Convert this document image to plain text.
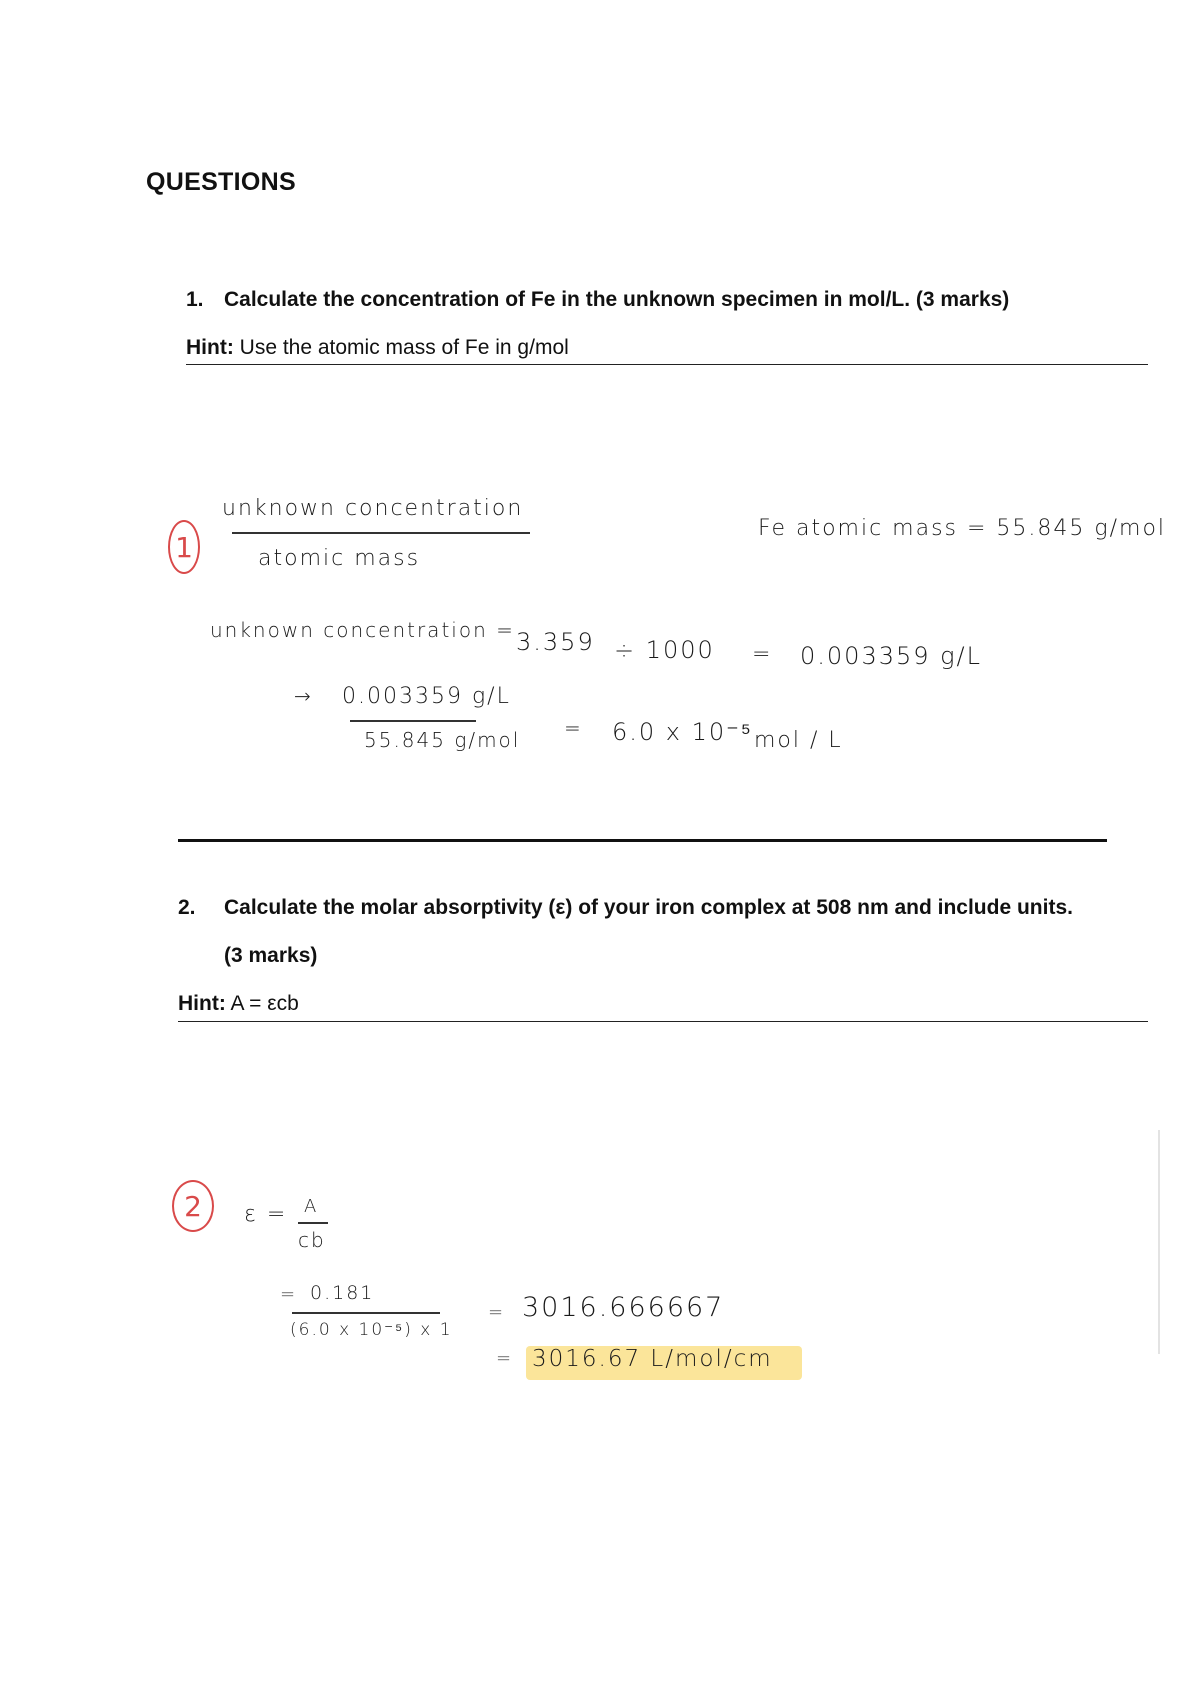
QUESTIONS
1. Calculate the concentration of Fe in the unknown specimen in mol/L. (3 marks)
Hint: Use the atomic mass of Fe in g/mol
1
unknown concentration
atomic mass
Fe atomic mass = 55.845 g/mol
unknown concentration = 3.359 ÷ 1000 = 0.003359 g/L
→ 0.003359 g/L
55.845 g/mol = 6.0 x 10⁻⁵ mol / L
2. Calculate the molar absorptivity (ε) of your iron complex at 508 nm and include units.
(3 marks)
Hint: A = εcb
2	ε = A
cb
= 0.181
(6.0 x 10⁻⁵) x 1
= 3016.666667
= 3016.67 L/mol/cm
